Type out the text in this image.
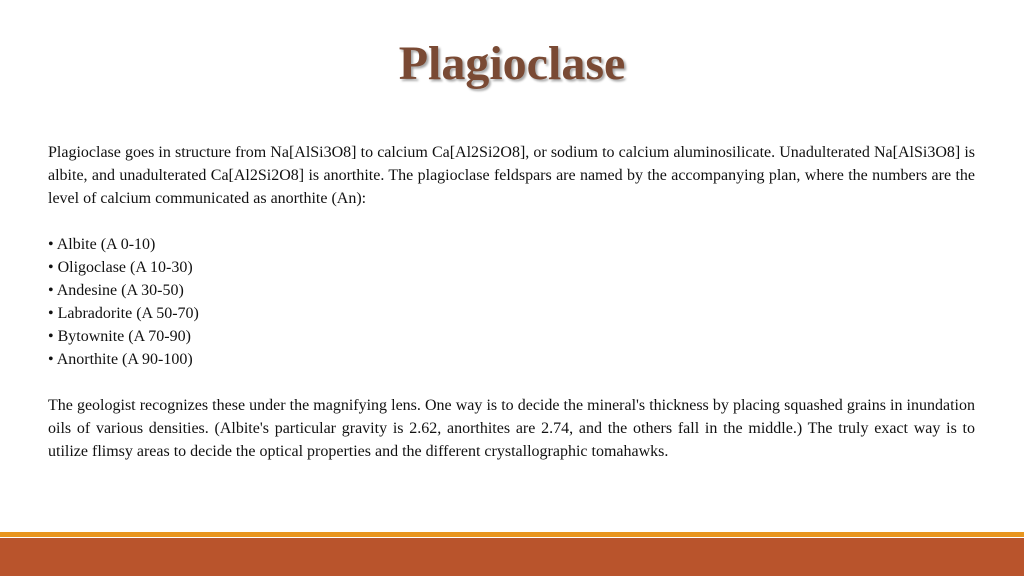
Plagioclase

Plagioclase goes in structure from Na[AlSi3O8] to calcium Ca[Al2Si2O8], or sodium to calcium aluminosilicate. Unadulterated Na[AlSi3O8] is albite, and unadulterated Ca[Al2Si2O8] is anorthite. The plagioclase feldspars are named by the accompanying plan, where the numbers are the level of calcium communicated as anorthite (An):

• Albite (A 0-10)
• Oligoclase (A 10-30)
• Andesine (A 30-50)
• Labradorite (A 50-70)
• Bytownite (A 70-90)
• Anorthite (A 90-100)

The geologist recognizes these under the magnifying lens. One way is to decide the mineral's thickness by placing squashed grains in inundation oils of various densities. (Albite's particular gravity is 2.62, anorthites are 2.74, and the others fall in the middle.) The truly exact way is to utilize flimsy areas to decide the optical properties and the different crystallographic tomahawks.
